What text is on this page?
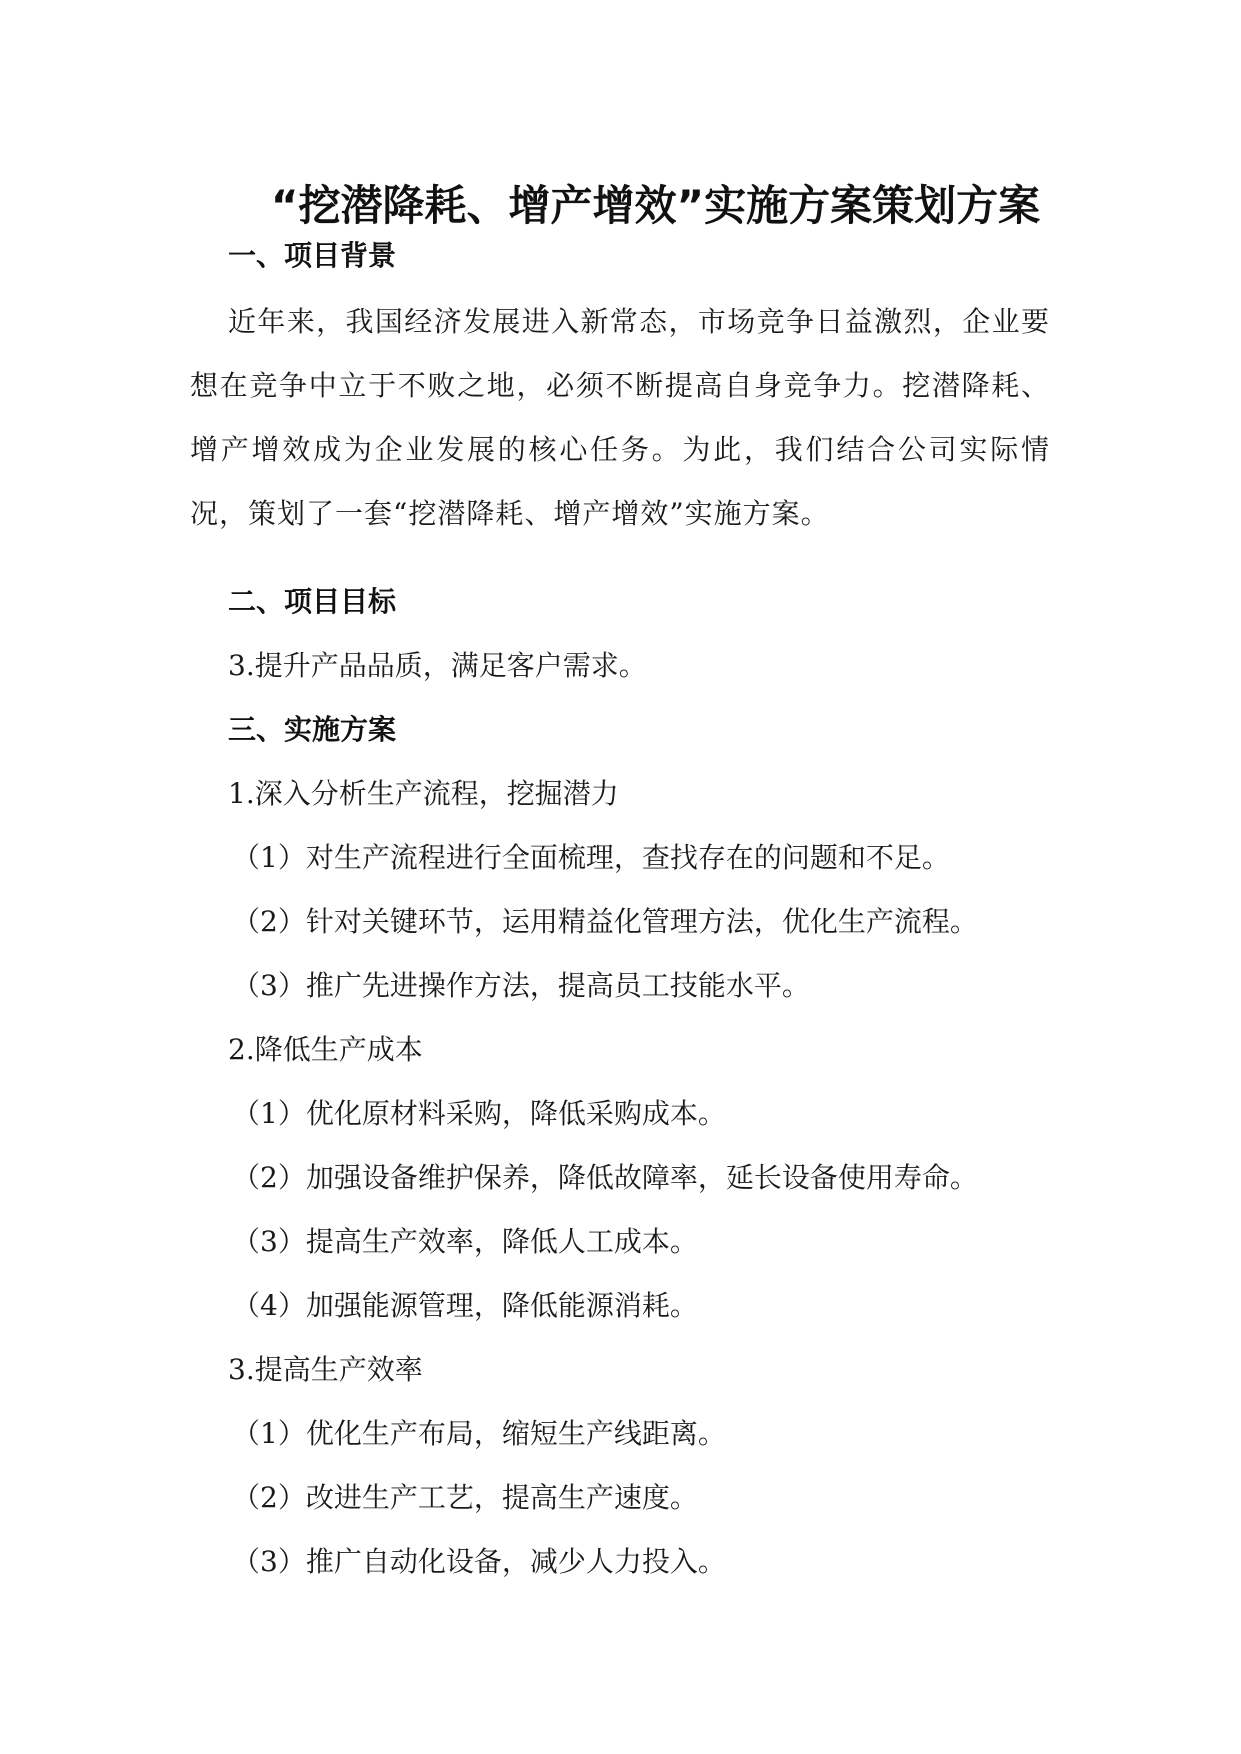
“挖潜降耗、增产增效”实施方案策划方案
一、项目背景
近年来，我国经济发展进入新常态，市场竞争日益激烈，企业要想在竞争中立于不败之地，必须不断提高自身竞争力。挖潜降耗、增产增效成为企业发展的核心任务。为此，我们结合公司实际情况，策划了一套“挖潜降耗、增产增效”实施方案。
二、项目目标
3.提升产品品质，满足客户需求。
三、实施方案
1.深入分析生产流程，挖掘潜力
（1）对生产流程进行全面梳理，查找存在的问题和不足。
（2）针对关键环节，运用精益化管理方法，优化生产流程。
（3）推广先进操作方法，提高员工技能水平。
2.降低生产成本
（1）优化原材料采购，降低采购成本。
（2）加强设备维护保养，降低故障率，延长设备使用寿命。
（3）提高生产效率，降低人工成本。
（4）加强能源管理，降低能源消耗。
3.提高生产效率
（1）优化生产布局，缩短生产线距离。
（2）改进生产工艺，提高生产速度。
（3）推广自动化设备，减少人力投入。
